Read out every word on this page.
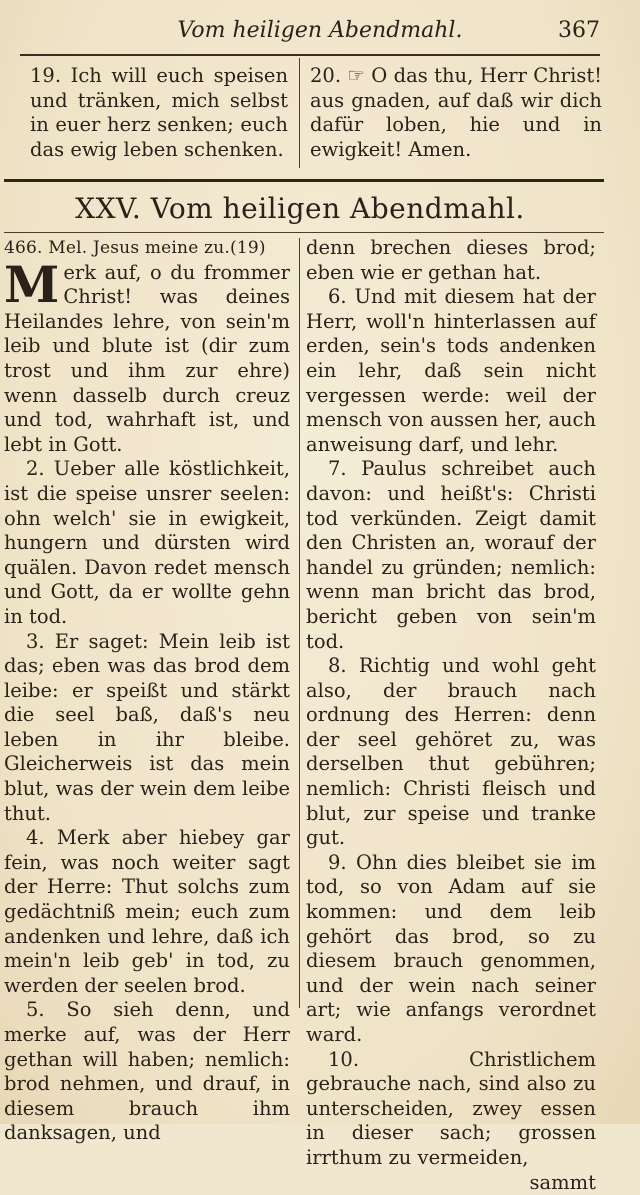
Vom heiligen Abendmahl.	367

19. Ich will euch speisen und tränken, mich selbst in euer herz senken; euch das ewig leben schenken.

20. ☞ O das thu, Herr Christ! aus gnaden, auf daß wir dich dafür loben, hie und in ewigkeit! Amen.

XXV. Vom heiligen Abendmahl.

466. Mel. Jesus meine zu.(19)

Merk auf, o du frommer Christ! was deines Heilandes lehre, von sein'm leib und blute ist (dir zum trost und ihm zur ehre) wenn dasselb durch creuz und tod, wahrhaft ist, und lebt in Gott.

2. Ueber alle köstlichkeit, ist die speise unsrer seelen: ohn welch' sie in ewigkeit, hungern und dürsten wird quälen. Davon redet mensch und Gott, da er wollte gehn in tod.

3. Er saget: Mein leib ist das; eben was das brod dem leibe: er speißt und stärkt die seel baß, daß's neu leben in ihr bleibe. Gleicherweis ist das mein blut, was der wein dem leibe thut.

4. Merk aber hiebey gar fein, was noch weiter sagt der Herre: Thut solchs zum gedächtniß mein; euch zum andenken und lehre, daß ich mein'n leib geb' in tod, zu werden der seelen brod.

5. So sieh denn, und merke auf, was der Herr gethan will haben; nemlich: brod nehmen, und drauf, in diesem brauch ihm danksagen, und

denn brechen dieses brod; eben wie er gethan hat.

6. Und mit diesem hat der Herr, woll'n hinterlassen auf erden, sein's tods andenken ein lehr, daß sein nicht vergessen werde: weil der mensch von aussen her, auch anweisung darf, und lehr.

7. Paulus schreibet auch davon: und heißt's: Christi tod verkünden. Zeigt damit den Christen an, worauf der handel zu gründen; nemlich: wenn man bricht das brod, bericht geben von sein'm tod.

8. Richtig und wohl geht also, der brauch nach ordnung des Herren: denn der seel gehöret zu, was derselben thut gebühren; nemlich: Christi fleisch und blut, zur speise und tranke gut.

9. Ohn dies bleibet sie im tod, so von Adam auf sie kommen: und dem leib gehört das brod, so zu diesem brauch genommen, und der wein nach seiner art; wie anfangs verordnet ward.

10. Christlichem gebrauche nach, sind also zu unterscheiden, zwey essen in dieser sach; grossen irrthum zu vermeiden,

sammt
